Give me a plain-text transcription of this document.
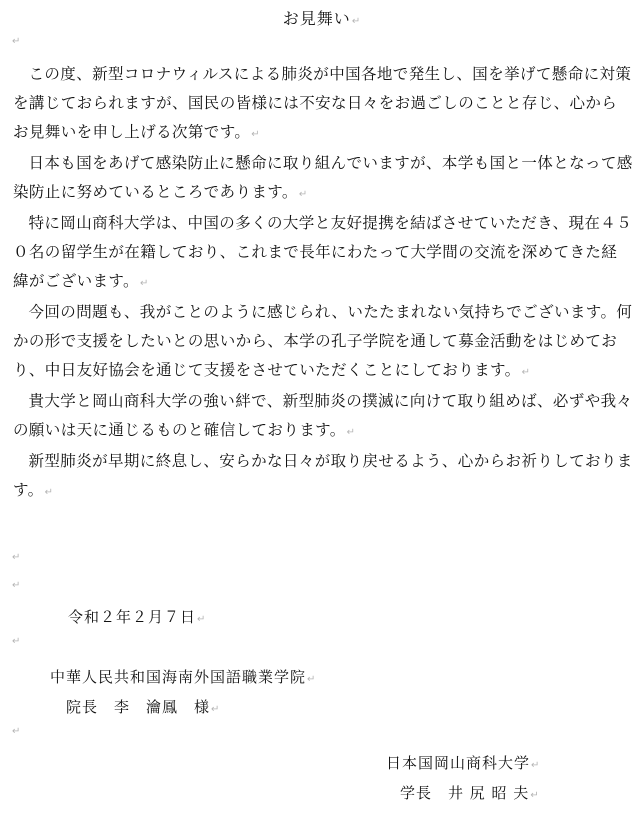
お見舞い↵
↵

この度、新型コロナウィルスによる肺炎が中国各地で発生し、国を挙げて懸命に対策を講じておられますが、国民の皆様には不安な日々をお過ごしのことと存じ、心からお見舞いを申し上げる次第です。↵

日本も国をあげて感染防止に懸命に取り組んでいますが、本学も国と一体となって感染防止に努めているところであります。↵

特に岡山商科大学は、中国の多くの大学と友好提携を結ばさせていただき、現在４５０名の留学生が在籍しており、これまで長年にわたって大学間の交流を深めてきた経緯がございます。↵

今回の問題も、我がことのように感じられ、いたたまれない気持ちでございます。何かの形で支援をしたいとの思いから、本学の孔子学院を通して募金活動をはじめており、中日友好協会を通じて支援をさせていただくことにしております。↵

貴大学と岡山商科大学の強い絆で、新型肺炎の撲滅に向けて取り組めば、必ずや我々の願いは天に通じるものと確信しております。↵

新型肺炎が早期に終息し、安らかな日々が取り戻せるよう、心からお祈りしております。↵

↵
↵
令和２年２月７日↵
↵
中華人民共和国海南外国語職業学院↵
院長　李　瀹鳳　様↵
↵
日本国岡山商科大学↵
学長　井 尻 昭 夫↵
